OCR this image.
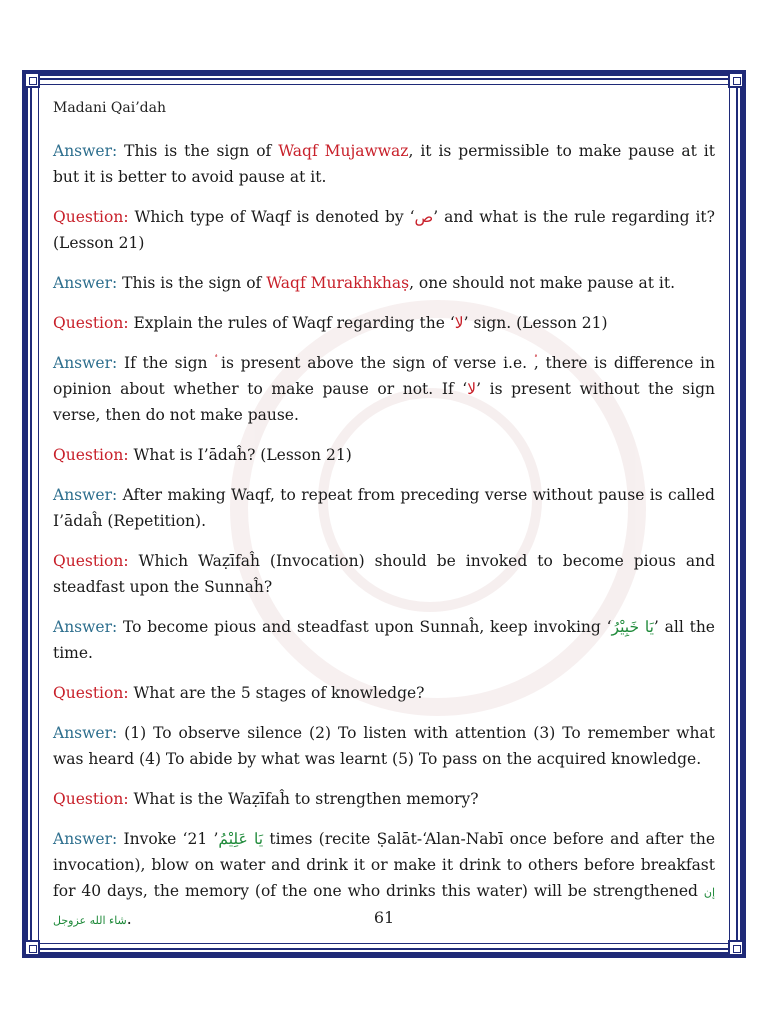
Madani Qai’dah

Answer: This is the sign of Waqf Mujawwaz, it is permissible to make pause at it but it is better to avoid pause at it.

Question: Which type of Waqf is denoted by ‘ص’ and what is the rule regarding it? (Lesson 21)

Answer: This is the sign of Waqf Murakhkhaṣ, one should not make pause at it.

Question: Explain the rules of Waqf regarding the ‘لا’ sign. (Lesson 21)

Answer: If the sign is present above the sign of verse i.e. , there is difference in opinion about whether to make pause or not. If ‘لا’ is present without the sign verse, then do not make pause.

Question: What is I’ādaĥ? (Lesson 21)

Answer: After making Waqf, to repeat from preceding verse without pause is called I’ādaĥ (Repetition).

Question: Which Waẓīfaĥ (Invocation) should be invoked to become pious and steadfast upon the Sunnaĥ?

Answer: To become pious and steadfast upon Sunnaĥ, keep invoking ‘يَا خَبِيْرُ’ all the time.

Question: What are the 5 stages of knowledge?

Answer: (1) To observe silence (2) To listen with attention (3) To remember what was heard (4) To abide by what was learnt (5) To pass on the acquired knowledge.

Question: What is the Waẓīfaĥ to strengthen memory?

Answer: Invoke ‘ يَا عَلِيْمُ’ 21 times (recite Ṣalāt-‘Alan-Nabī once before and after the invocation), blow on water and drink it or make it drink to others before breakfast for 40 days, the memory (of the one who drinks this water) will be strengthened إن شاء الله عزوجل.	61
